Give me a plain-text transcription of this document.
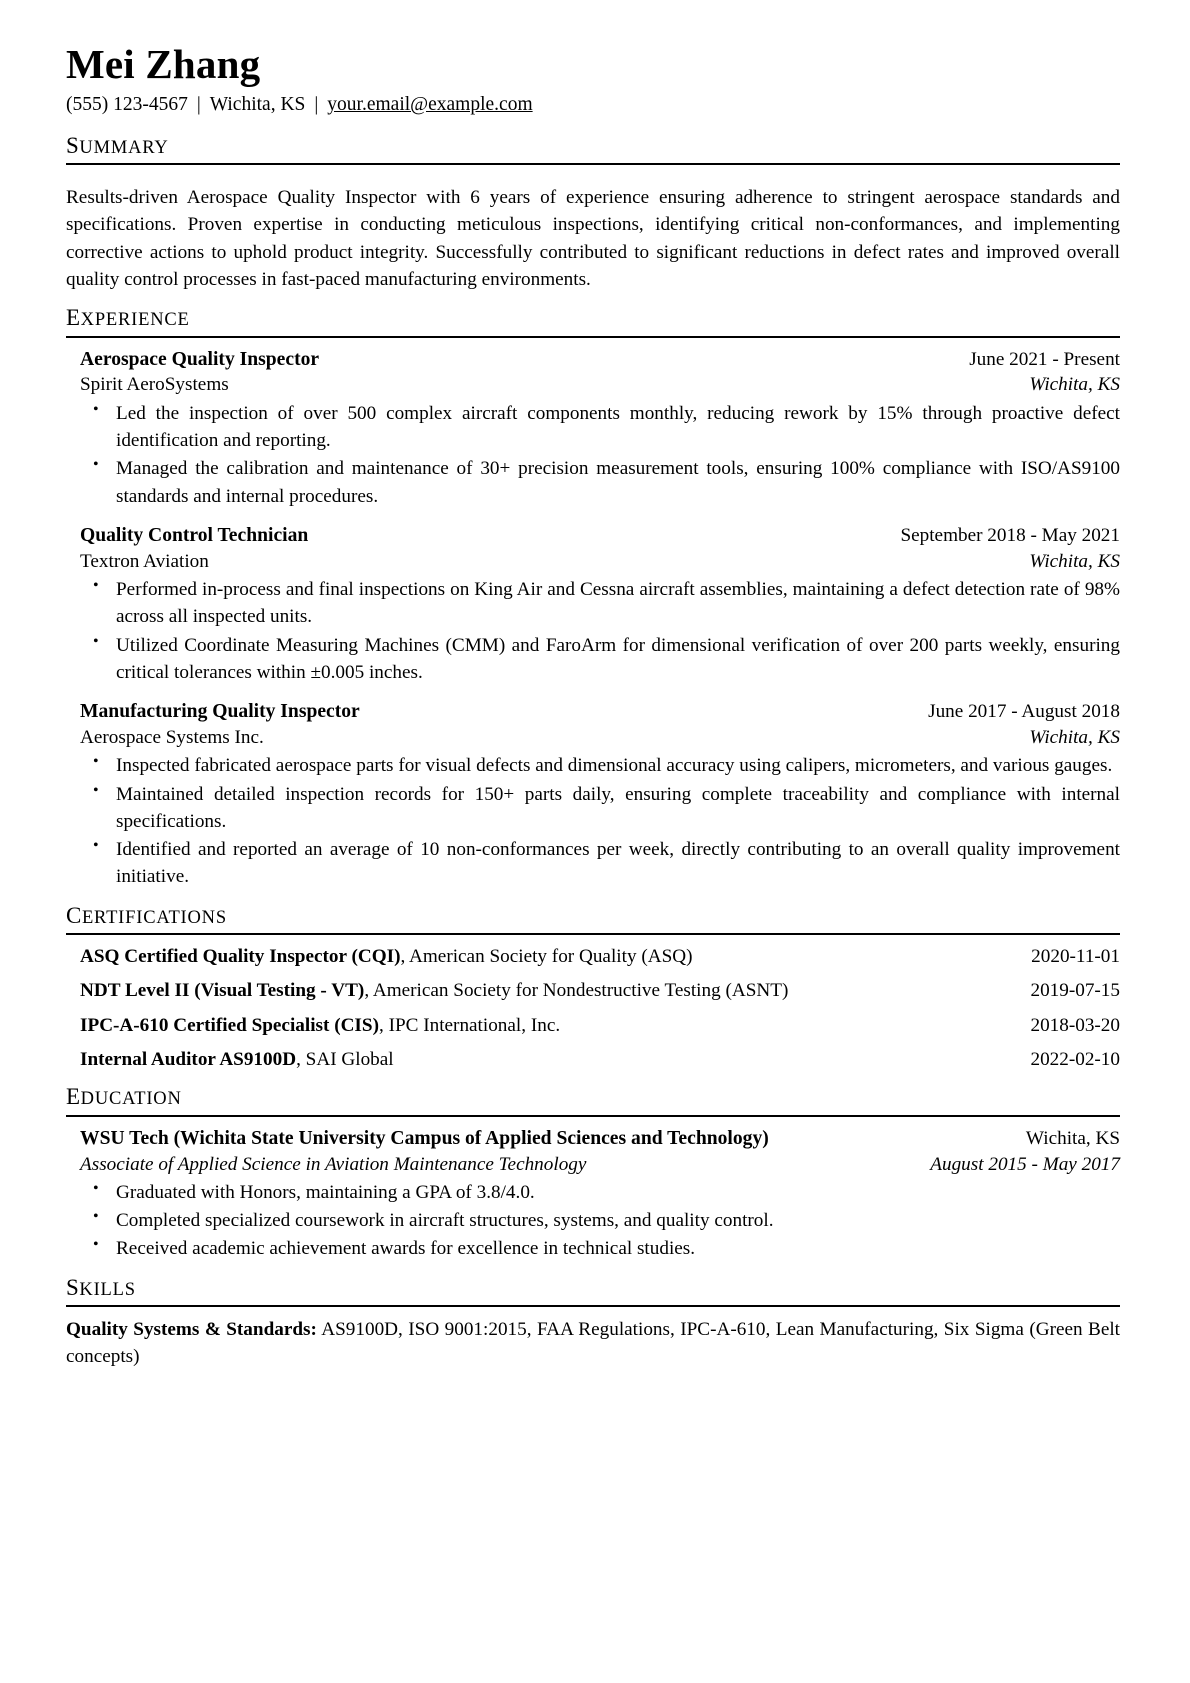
Mei Zhang
(555) 123-4567 | Wichita, KS | your.email@example.com
SUMMARY

Results-driven Aerospace Quality Inspector with 6 years of experience ensuring adherence to stringent aerospace standards and specifications. Proven expertise in conducting meticulous inspections, identifying critical non-conformances, and implementing corrective actions to uphold product integrity. Successfully contributed to significant reductions in defect rates and improved overall quality control processes in fast-paced manufacturing environments.

EXPERIENCE
Aerospace Quality Inspector	June 2021 - Present
Spirit AeroSystems	Wichita, KS
• Led the inspection of over 500 complex aircraft components monthly, reducing rework by 15% through proactive defect identification and reporting.
• Managed the calibration and maintenance of 30+ precision measurement tools, ensuring 100% compliance with ISO/AS9100 standards and internal procedures.
Quality Control Technician	September 2018 - May 2021
Textron Aviation	Wichita, KS
• Performed in-process and final inspections on King Air and Cessna aircraft assemblies, maintaining a defect detection rate of 98% across all inspected units.
• Utilized Coordinate Measuring Machines (CMM) and FaroArm for dimensional verification of over 200 parts weekly, ensuring critical tolerances within ±0.005 inches.
Manufacturing Quality Inspector	June 2017 - August 2018
Aerospace Systems Inc.	Wichita, KS
• Inspected fabricated aerospace parts for visual defects and dimensional accuracy using calipers, micrometers, and various gauges.
• Maintained detailed inspection records for 150+ parts daily, ensuring complete traceability and compliance with internal specifications.
• Identified and reported an average of 10 non-conformances per week, directly contributing to an overall quality improvement initiative.
CERTIFICATIONS
ASQ Certified Quality Inspector (CQI), American Society for Quality (ASQ)	2020-11-01
NDT Level II (Visual Testing - VT), American Society for Nondestructive Testing (ASNT)	2019-07-15
IPC-A-610 Certified Specialist (CIS), IPC International, Inc.	2018-03-20
Internal Auditor AS9100D, SAI Global	2022-02-10
EDUCATION
WSU Tech (Wichita State University Campus of Applied Sciences and Technology)	Wichita, KS
Associate of Applied Science in Aviation Maintenance Technology	August 2015 - May 2017
• Graduated with Honors, maintaining a GPA of 3.8/4.0.
• Completed specialized coursework in aircraft structures, systems, and quality control.
• Received academic achievement awards for excellence in technical studies.
SKILLS
Quality Systems & Standards: AS9100D, ISO 9001:2015, FAA Regulations, IPC-A-610, Lean Manufacturing, Six Sigma (Green Belt concepts)
